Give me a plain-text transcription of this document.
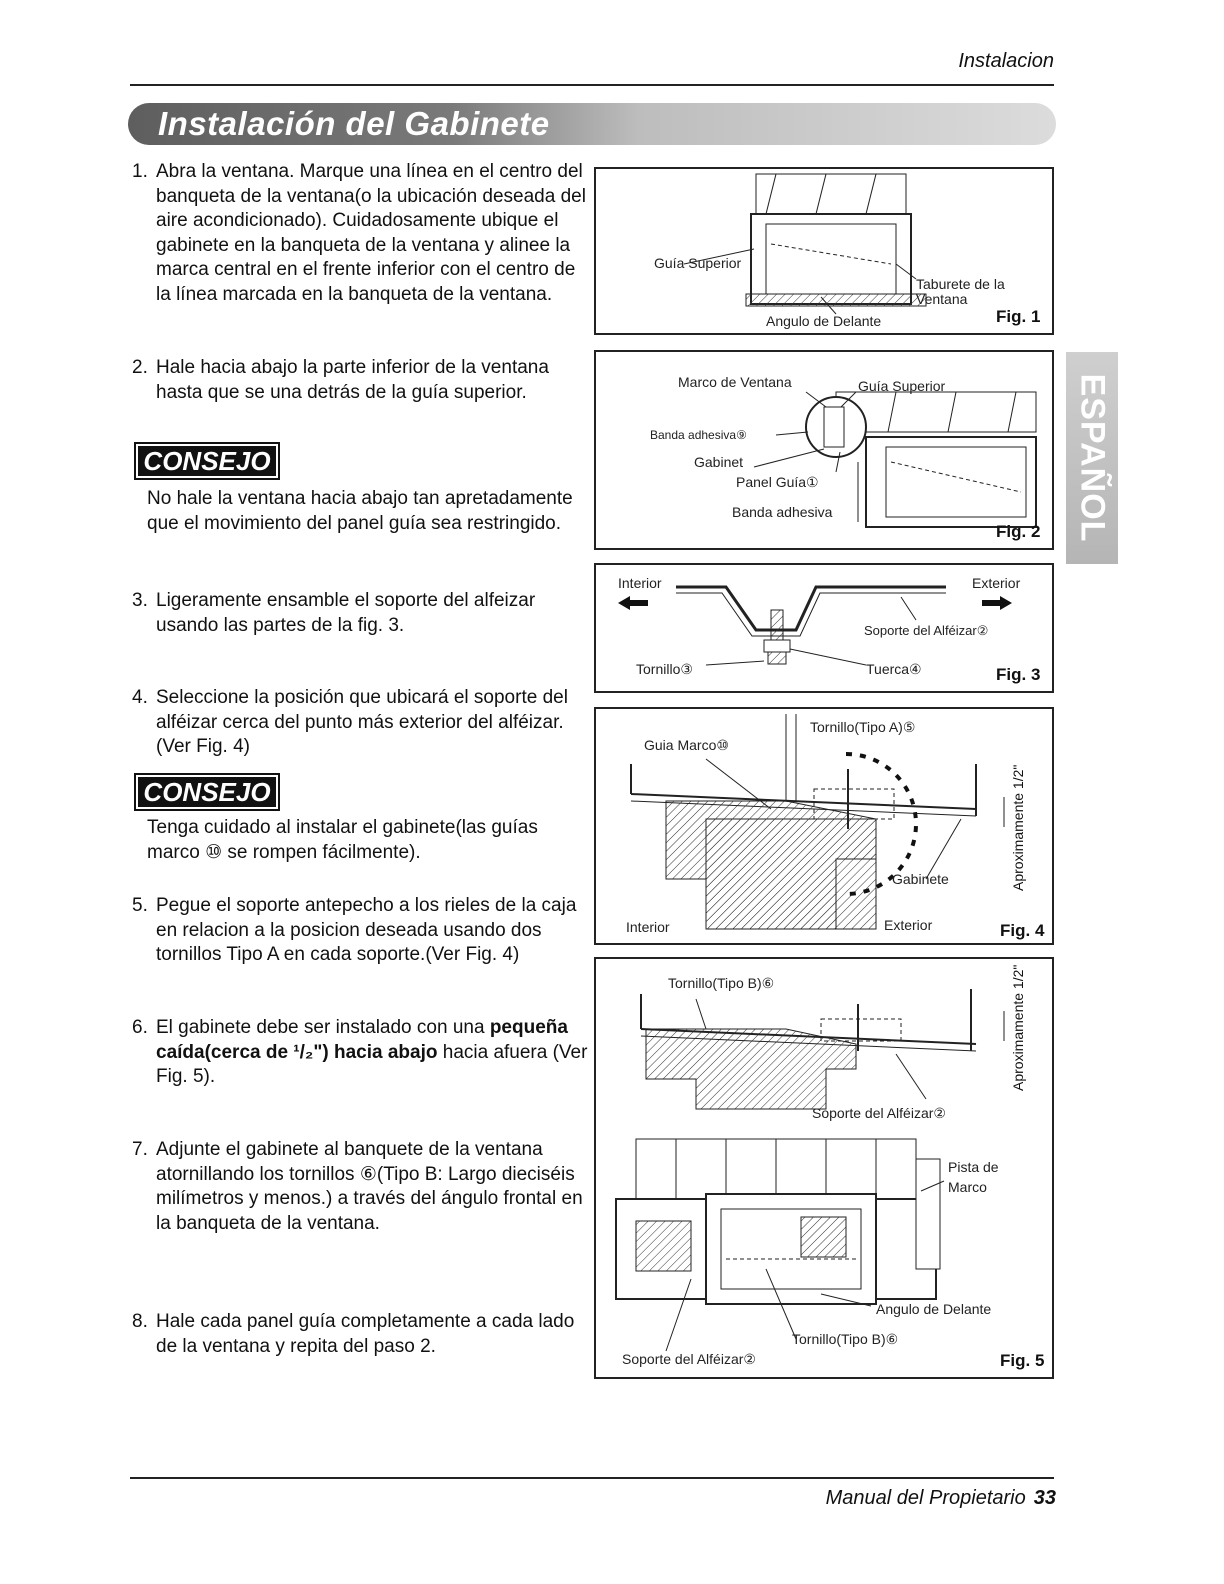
Instalacion
Instalación del Gabinete
ESPAÑOL
1. Abra la ventana. Marque una línea en el centro del banqueta de la ventana(o la ubicación deseada del aire acondicionado). Cuidadosamente ubique el gabinete en la banqueta de la ventana y alinee la marca central en el frente inferior con el centro de la línea marcada en la banqueta de la ventana.
2. Hale hacia abajo la parte inferior de la ventana hasta que se una detrás de la guía superior.
CONSEJO
No hale la ventana hacia abajo tan apretadamente que el movimiento del panel guía sea restringido.
3. Ligeramente ensamble el soporte del alfeizar usando las partes de la fig. 3.
4. Seleccione la posición que ubicará el soporte del alféizar cerca del punto más exterior del alféizar.(Ver Fig. 4)
CONSEJO
Tenga cuidado al instalar el gabinete(las guías marco ⑩ se rompen fácilmente).
5. Pegue el soporte antepecho a los rieles de la caja en relacion a la posicion deseada usando dos tornillos Tipo A en cada soporte.(Ver Fig. 4)
6. El gabinete debe ser instalado con una pequeña caída(cerca de ¹/₂") hacia abajo hacia afuera (Ver Fig. 5).
7. Adjunte el gabinete al banquete de la ventana atornillando los tornillos ⑥(Tipo B: Largo dieciséis milímetros y menos.) a través del ángulo frontal en la banqueta de la ventana.
8. Hale cada panel guía completamente a cada lado de la ventana y repita del paso 2.
Guía Superior
Taburete de la Ventana
Angulo de Delante	Fig. 1
Marco de Ventana	Guía Superior
Banda adhesiva⑨
Gabinet
Panel Guía①
Banda adhesiva
Fig. 2
Interior	Exterior
Soporte del Alféizar②
Tornillo③	Tuerca④	Fig. 3
Guia Marco⑩
Tornillo(Tipo A)⑤
Aproximamente 1/2"
Gabinete
Interior	Exterior	Fig. 4
Tornillo(Tipo B)⑥	Aproximamente 1/2"
Soporte del Alféizar②
Pista de Marco
Angulo de Delante
Tornillo(Tipo B)⑥
Soporte del Alféizar②	Fig. 5
Manual del Propietario 33
